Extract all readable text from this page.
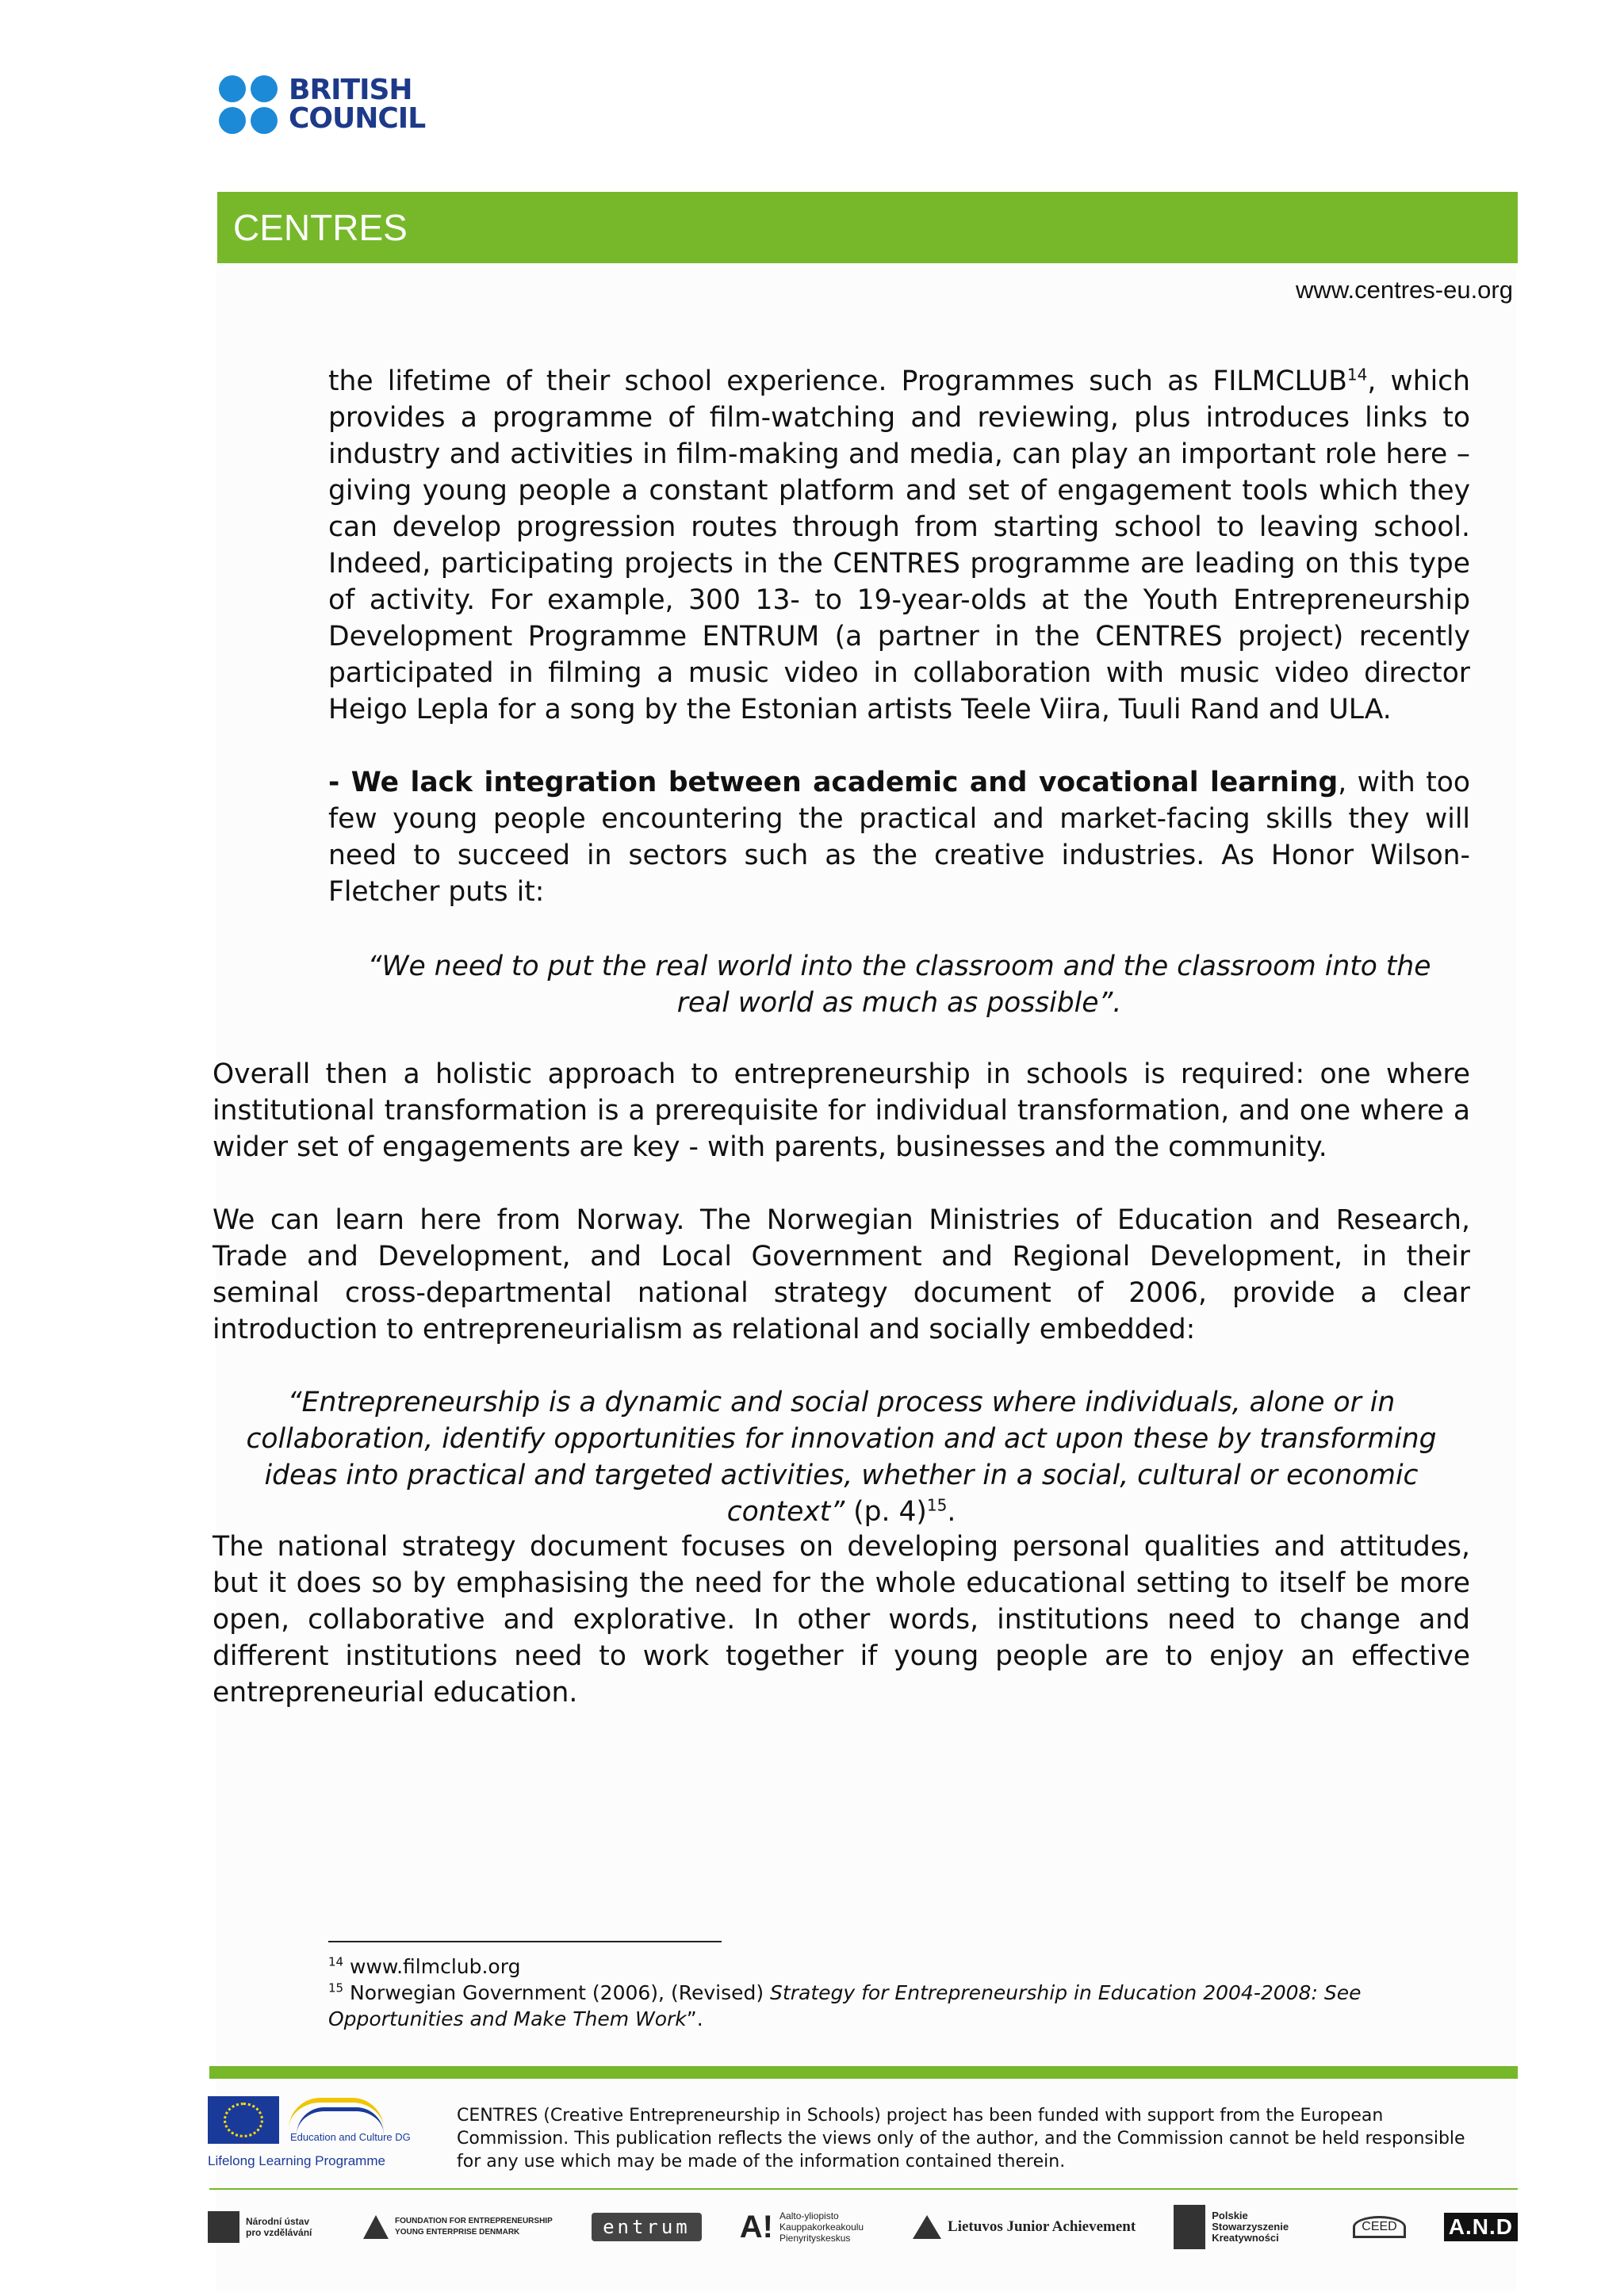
BRITISH
COUNCIL
CENTRES
www.centres-eu.org

the lifetime of their school experience. Programmes such as FILMCLUB$^{14}$, which provides a programme of film-watching and reviewing, plus introduces links to industry and activities in film-making and media, can play an important role here – giving young people a constant platform and set of engagement tools which they can develop progression routes through from starting school to leaving school. Indeed, participating projects in the CENTRES programme are leading on this type of activity. For example, 300 13- to 19-year-olds at the Youth Entrepreneurship Development Programme ENTRUM (a partner in the CENTRES project) recently participated in filming a music video in collaboration with music video director Heigo Lepla for a song by the Estonian artists Teele Viira, Tuuli Rand and ULA.

- We lack integration between academic and vocational learning, with too few young people encountering the practical and market-facing skills they will need to succeed in sectors such as the creative industries. As Honor Wilson-Fletcher puts it:

“We need to put the real world into the classroom and the classroom into the real world as much as possible”.

Overall then a holistic approach to entrepreneurship in schools is required: one where institutional transformation is a prerequisite for individual transformation, and one where a wider set of engagements are key - with parents, businesses and the community.

We can learn here from Norway. The Norwegian Ministries of Education and Research, Trade and Development, and Local Government and Regional Development, in their seminal cross-departmental national strategy document of 2006, provide a clear introduction to entrepreneurialism as relational and socially embedded:

“Entrepreneurship is a dynamic and social process where individuals, alone or in collaboration, identify opportunities for innovation and act upon these by transforming ideas into practical and targeted activities, whether in a social, cultural or economic context” (p. 4)$^{15}$.

The national strategy document focuses on developing personal qualities and attitudes, but it does so by emphasising the need for the whole educational setting to itself be more open, collaborative and explorative. In other words, institutions need to change and different institutions need to work together if young people are to enjoy an effective entrepreneurial education.

$^{14}$ www.filmclub.org

$^{15}$ Norwegian Government (2006), (Revised) Strategy for Entrepreneurship in Education 2004-2008: See Opportunities and Make Them Work”.

Education and Culture DG
Lifelong Learning Programme

CENTRES (Creative Entrepreneurship in Schools) project has been funded with support from the European Commission. This publication reflects the views only of the author, and the Commission cannot be held responsible for any use which may be made of the information contained therein.

Národní ústav pro vzdělávání
FOUNDATION FOR ENTREPRENEURSHIP YOUNG ENTERPRISE DENMARK	entrum	A! Aalto-yliopisto Kauppakorkeakoulu Pienyrityskeskus
Lietuvos Junior Achievement
Polskie Stowarzyszenie Kreatywności
CEED	A.N.D
